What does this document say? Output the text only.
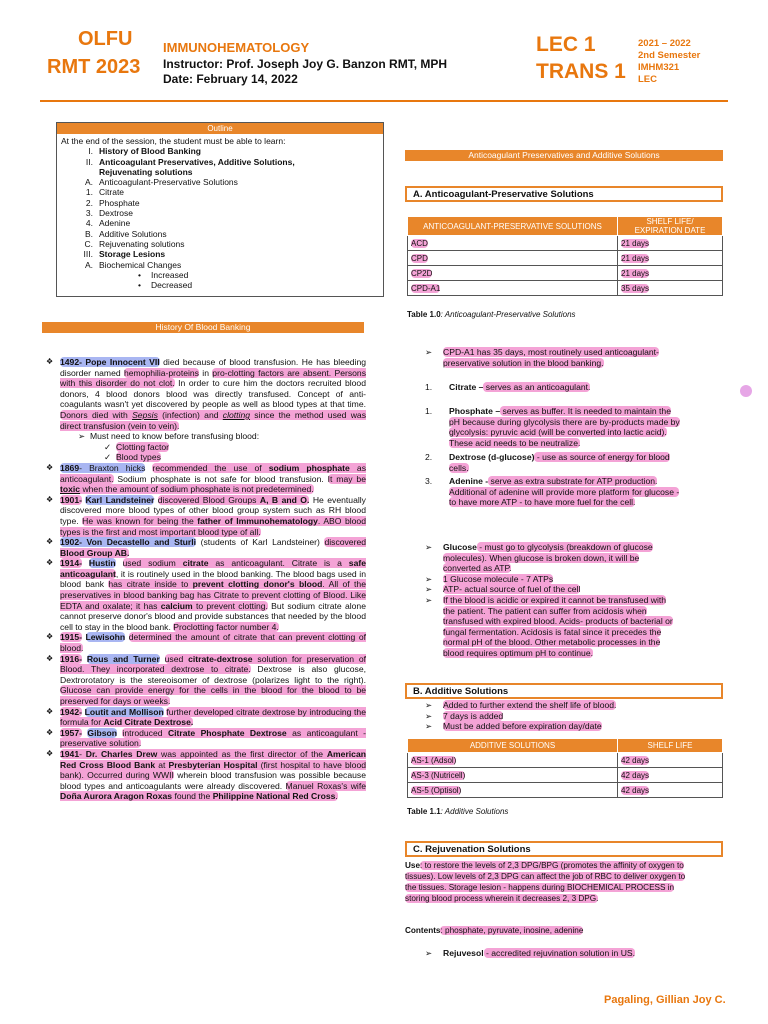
OLFU
RMT 2023
IMMUNOHEMATOLOGY
Instructor: Prof. Joseph Joy G. Banzon RMT, MPH
Date: February 14, 2022
LEC 1
TRANS 1
2021 – 2022
2nd Semester
IMHM321
LEC
Outline
At the end of the session, the student must be able to learn:
I. History of Blood Banking
II. Anticoagulant Preservatives, Additive Solutions,
Rejuvenating solutions
A. Anticoagulant-Preservative Solutions
1. Citrate
2. Phosphate
3. Dextrose
4. Adenine
B. Additive Solutions
C. Rejuvenating solutions
III. Storage Lesions
A. Biochemical Changes
•	Increased
•	Decreased
History Of Blood Banking
❖ 1492- Pope Innocent VII died because of blood transfusion. He has bleeding disorder named hemophilia-proteins in pro-clotting factors are absent. Persons with this disorder do not clot. In order to cure him the doctors recruited blood donors, 4 blood donors blood was directly transfused. Concept of anti-coagulants wasn't yet discovered by people as well as blood types at that time. Donors died with Sepsis (infection) and clotting since the method used was direct transfusion (vein to vein).
➢  Must need to know before transfusing blood:
✓  Clotting factor
✓  Blood types
❖ 1869- Braxton hicks recommended the use of sodium phosphate as anticoagulant. Sodium phosphate is not safe for blood transfusion. It may be toxic when the amount of sodium phosphate is not predetermined.
❖ 1901- Karl Landsteiner discovered Blood Groups A, B and O. He eventually discovered more blood types of other blood group system such as RH blood type. He was known for being the father of Immunohematology. ABO blood types is the first and most important blood type of all.
❖ 1902- Von Decastello and Sturli (students of Karl Landsteiner) discovered Blood Group AB.
❖ 1914- Hustin used sodium citrate as anticoagulant. Citrate is a safe anticoagulant, it is routinely used in the blood banking. The blood bags used in blood bank has citrate inside to prevent clotting donor's blood. All of the preservatives in blood banking bag has Citrate to prevent clotting of Blood. Like EDTA and oxalate; it has calcium to prevent clotting. But sodium citrate alone cannot preserve donor's blood and provide substances that needed by the blood cell to stay in the blood bank. Proclotting factor number 4.
❖ 1915- Lewisohn determined the amount of citrate that can prevent clotting of blood.
❖ 1916- Rous and Turner used citrate-dextrose solution for preservation of Blood. They incorporated dextrose to citrate. Dextrose is also glucose, Dextrorotatory is the stereoisomer of dextrose (polarizes light to the right). Glucose can provide energy for the cells in the blood for the blood to be preserved for days or weeks.
❖ 1942- Loutit and Mollison further developed citrate dextrose by introducing the formula for Acid Citrate Dextrose.
❖ 1957- Gibson introduced Citrate Phosphate Dextrose as anticoagulant -preservative solution.
❖ 1941- Dr. Charles Drew was appointed as the first director of the American Red Cross Blood Bank at Presbyterian Hospital (first hospital to have blood bank). Occurred during WWII wherein blood transfusion was possible because blood types and anticoagulants were already discovered. Manuel Roxas's wife Doña Aurora Aragon Roxas found the Philippine National Red Cross.
Anticoagulant Preservatives and Additive Solutions
A. Anticoagulant-Preservative Solutions
ANTICOAGULANT-PRESERVATIVE SOLUTIONS	SHELF LIFE/
EXPIRATION DATE
ACD	21 days
CPD	21 days
CP2D	21 days
CPD-A1	35 days
Table 1.0: Anticoagulant-Preservative Solutions
➢ CPD-A1 has 35 days, most routinely used anticoagulant-
preservative solution in the blood banking.
1. Citrate – serves as an anticoagulant.
1. Phosphate – serves as buffer. It is needed to maintain the
pH because during glycolysis there are by-products made by
glycolysis: pyruvic acid (will be converted into lactic acid).
These acid needs to be neutralize.
2. Dextrose (d-glucose) - use as source of energy for blood
cells.
3. Adenine - serve as extra substrate for ATP production.
Additional of adenine will provide more platform for glucose -
to have more ATP - to have more fuel for the cell.
➢ Glucose - must go to glycolysis (breakdown of glucose
molecules). When glucose is broken down, it will be
converted as ATP.
➢ 1 Glucose molecule - 7 ATPs
➢ ATP- actual source of fuel of the cell
➢ If the blood is acidic or expired it cannot be transfused with
the patient. The patient can suffer from acidosis when
transfused with expired blood. Acids- products of bacterial or
fungal fermentation. Acidosis is fatal since it precedes the
normal pH of the blood. Other metabolic processes in the
blood requires optimum pH to continue.
B. Additive Solutions
➢ Added to further extend the shelf life of blood.
➢ 7 days is added
➢ Must be added before expiration day/date
ADDITIVE SOLUTIONS	SHELF LIFE
AS-1 (Adsol)	42 days
AS-3 (Nutricell)	42 days
AS-5 (Optisol)	42 days
Table 1.1: Additive Solutions
C. Rejuvenation Solutions
Use: to restore the levels of 2,3 DPG/BPG (promotes the affinity of oxygen to
tissues). Low levels of 2,3 DPG can affect the job of RBC to deliver oxygen to
the tissues. Storage lesion - happens during BIOCHEMICAL PROCESS in
storing blood process wherein it decreases 2, 3 DPG.
Contents: phosphate, pyruvate, inosine, adenine
➢ Rejuvesol - accredited rejuvination solution in US.
Pagaling, Gillian Joy C.
